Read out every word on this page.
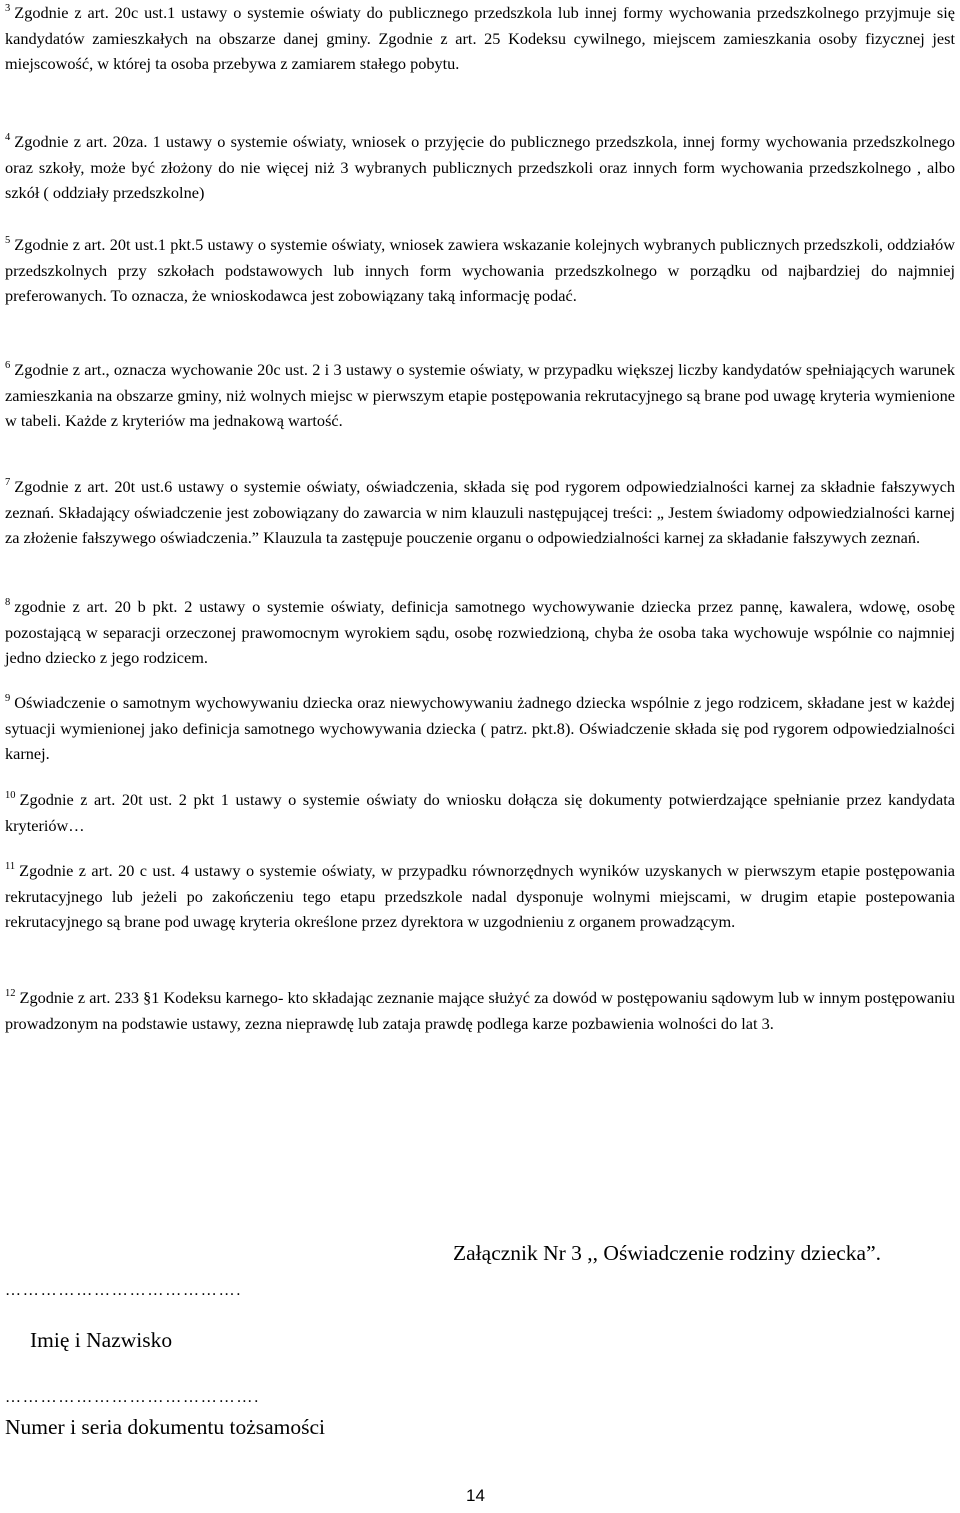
$^3$ Zgodnie z art. 20c ust.1 ustawy o systemie oświaty do publicznego przedszkola lub innej formy wychowania przedszkolnego przyjmuje się kandydatów zamieszkałych na obszarze danej gminy. Zgodnie z art. 25 Kodeksu cywilnego, miejscem zamieszkania osoby fizycznej jest miejscowość, w której ta osoba przebywa z zamiarem stałego pobytu.

$^4$ Zgodnie z art. 20za. 1 ustawy o systemie oświaty, wniosek o przyjęcie do publicznego przedszkola, innej formy wychowania przedszkolnego oraz szkoły, może być złożony do nie więcej niż 3 wybranych publicznych przedszkoli oraz innych form wychowania przedszkolnego , albo szkół ( oddziały przedszkolne)

$^5$ Zgodnie z art. 20t ust.1 pkt.5 ustawy o systemie oświaty, wniosek zawiera wskazanie kolejnych wybranych publicznych przedszkoli, oddziałów przedszkolnych przy szkołach podstawowych lub innych form wychowania przedszkolnego w porządku od najbardziej do najmniej preferowanych. To oznacza, że wnioskodawca jest zobowiązany taką informację podać.

$^6$ Zgodnie z art., oznacza wychowanie 20c ust. 2 i 3 ustawy o systemie oświaty, w przypadku większej liczby kandydatów spełniających warunek zamieszkania na obszarze gminy, niż wolnych miejsc w pierwszym etapie postępowania rekrutacyjnego są brane pod uwagę kryteria wymienione w tabeli. Każde z kryteriów ma jednakową wartość.

$^7$ Zgodnie z art. 20t ust.6 ustawy o systemie oświaty, oświadczenia, składa się pod rygorem odpowiedzialności karnej za składnie fałszywych zeznań. Składający oświadczenie jest zobowiązany do zawarcia w nim klauzuli następującej treści: „ Jestem świadomy odpowiedzialności karnej za złożenie fałszywego oświadczenia.” Klauzula ta zastępuje pouczenie organu o odpowiedzialności karnej za składanie fałszywych zeznań.

$^8$ zgodnie z art. 20 b pkt. 2 ustawy o systemie oświaty, definicja samotnego wychowywanie dziecka przez pannę, kawalera, wdowę, osobę pozostającą w separacji orzeczonej prawomocnym wyrokiem sądu, osobę rozwiedzioną, chyba że osoba taka wychowuje wspólnie co najmniej jedno dziecko z jego rodzicem.

$^9$ Oświadczenie o samotnym wychowywaniu dziecka oraz niewychowywaniu żadnego dziecka wspólnie z jego rodzicem, składane jest w każdej sytuacji wymienionej jako definicja samotnego wychowywania dziecka ( patrz. pkt.8). Oświadczenie składa się pod rygorem odpowiedzialności karnej.

$^{10}$ Zgodnie z art. 20t ust. 2 pkt 1 ustawy o systemie oświaty do wniosku dołącza się dokumenty potwierdzające spełnianie przez kandydata kryteriów…

$^{11}$ Zgodnie z art. 20 c ust. 4 ustawy o systemie oświaty, w przypadku równorzędnych wyników uzyskanych w pierwszym etapie postępowania rekrutacyjnego lub jeżeli po zakończeniu tego etapu przedszkole nadal dysponuje wolnymi miejscami, w drugim etapie postepowania rekrutacyjnego są brane pod uwagę kryteria określone przez dyrektora w uzgodnieniu z organem prowadzącym.

$^{12}$ Zgodnie z art. 233 §1 Kodeksu karnego- kto składając zeznanie mające służyć za dowód w postępowaniu sądowym lub w innym postępowaniu prowadzonym na podstawie ustawy, zezna nieprawdę lub zataja prawdę podlega karze pozbawienia wolności do lat 3.

Załącznik Nr 3 ,, Oświadczenie rodziny dziecka”.
………………………………….
Imię i Nazwisko
…………………………………….
Numer i seria dokumentu tożsamości
14
